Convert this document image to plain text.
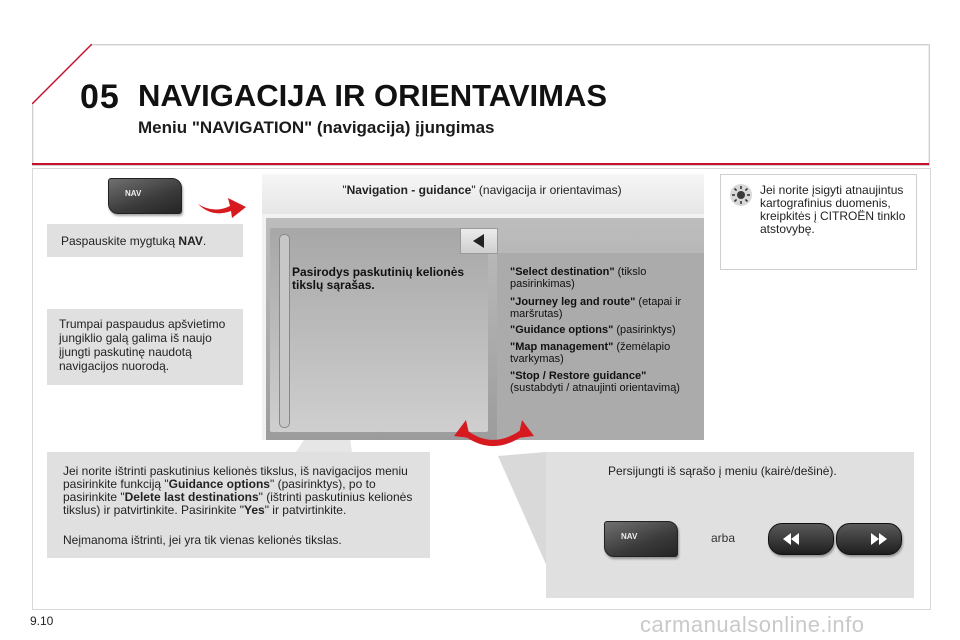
05 NAVIGACIJA IR ORIENTAVIMAS
Meniu "NAVIGATION" (navigacija) įjungimas
NAV
Paspauskite mygtuką NAV.
Trumpai paspaudus apšvietimo jungiklio galą galima iš naujo įjungti paskutinę naudotą navigacijos nuorodą.
"Navigation - guidance" (navigacija ir orientavimas)
Pasirodys paskutinių kelionės tikslų sąrašas.
"Select destination" (tikslo pasirinkimas)
"Journey leg and route" (etapai ir maršrutas)
"Guidance options" (pasirinktys)
"Map management" (žemėlapio tvarkymas)
"Stop / Restore guidance" (sustabdyti / atnaujinti orientavimą)
Jei norite įsigyti atnaujintus kartografinius duomenis, kreipkitės į CITROËN tinklo atstovybę.
Jei norite ištrinti paskutinius kelionės tikslus, iš navigacijos meniu pasirinkite funkciją "Guidance options" (pasirinktys), po to pasirinkite "Delete last destinations" (ištrinti paskutinius kelionės tikslus) ir patvirtinkite. Pasirinkite "Yes" ir patvirtinkite.
Neįmanoma ištrinti, jei yra tik vienas kelionės tikslas.
Persijungti iš sąrašo į meniu (kairė/dešinė).
arba
NAV
9.10	carmanualsonline.info
